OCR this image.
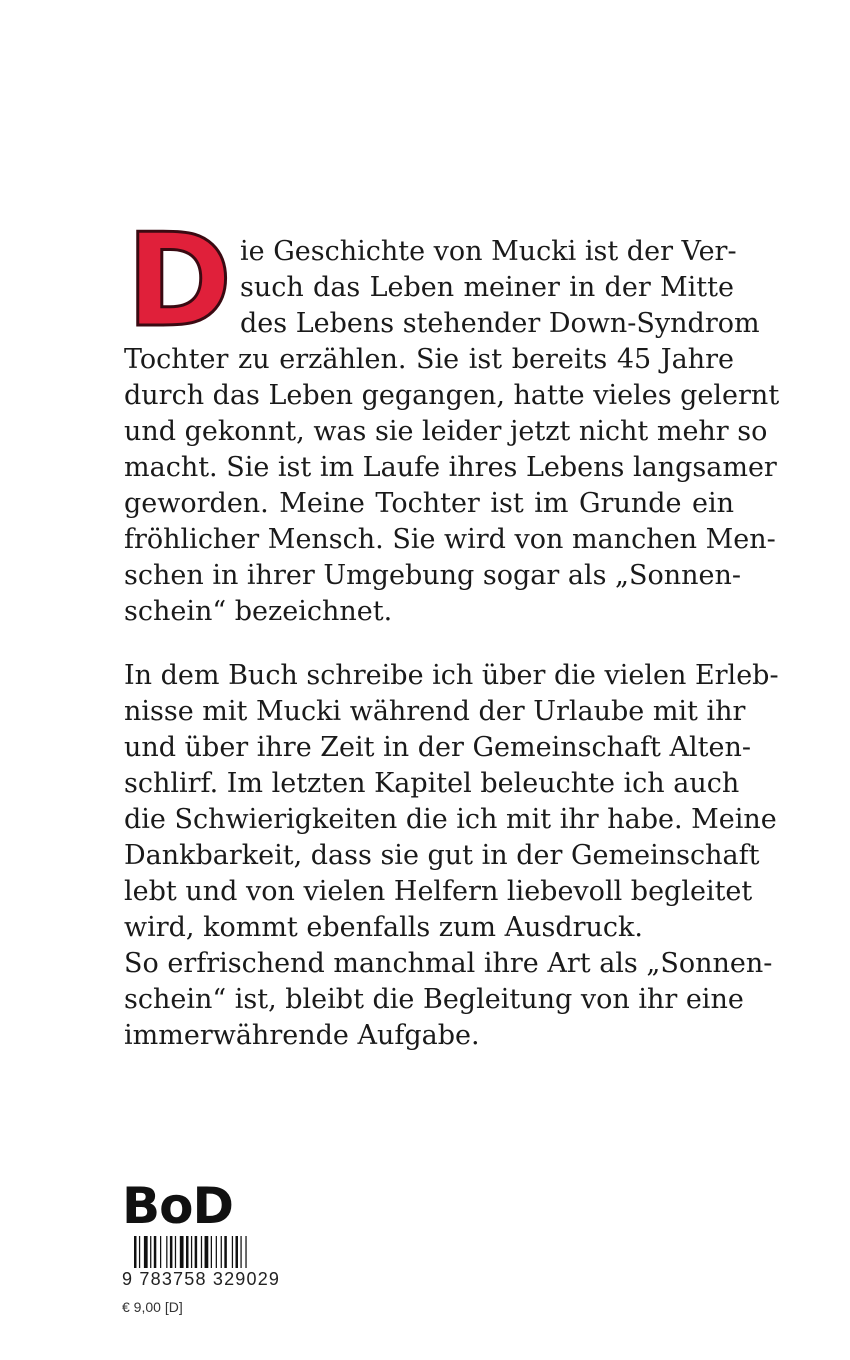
D ie Geschichte von Mucki ist der Ver-
such das Leben meiner in der Mitte
des Lebens stehender Down-Syndrom
Tochter zu erzählen. Sie ist bereits 45 Jahre
durch das Leben gegangen, hatte vieles gelernt
und gekonnt, was sie leider jetzt nicht mehr so
macht. Sie ist im Laufe ihres Lebens langsamer
geworden. Meine Tochter ist im Grunde ein
fröhlicher Mensch. Sie wird von manchen Men-
schen in ihrer Umgebung sogar als „Sonnen-
schein“ bezeichnet.
In dem Buch schreibe ich über die vielen Erleb-
nisse mit Mucki während der Urlaube mit ihr
und über ihre Zeit in der Gemeinschaft Alten-
schlirf. Im letzten Kapitel beleuchte ich auch
die Schwierigkeiten die ich mit ihr habe. Meine
Dankbarkeit, dass sie gut in der Gemeinschaft
lebt und von vielen Helfern liebevoll begleitet
wird, kommt ebenfalls zum Ausdruck.
So erfrischend manchmal ihre Art als „Sonnen-
schein“ ist, bleibt die Begleitung von ihr eine
immerwährende Aufgabe.
BoD
9 783758 329029
€ 9,00 [D]
